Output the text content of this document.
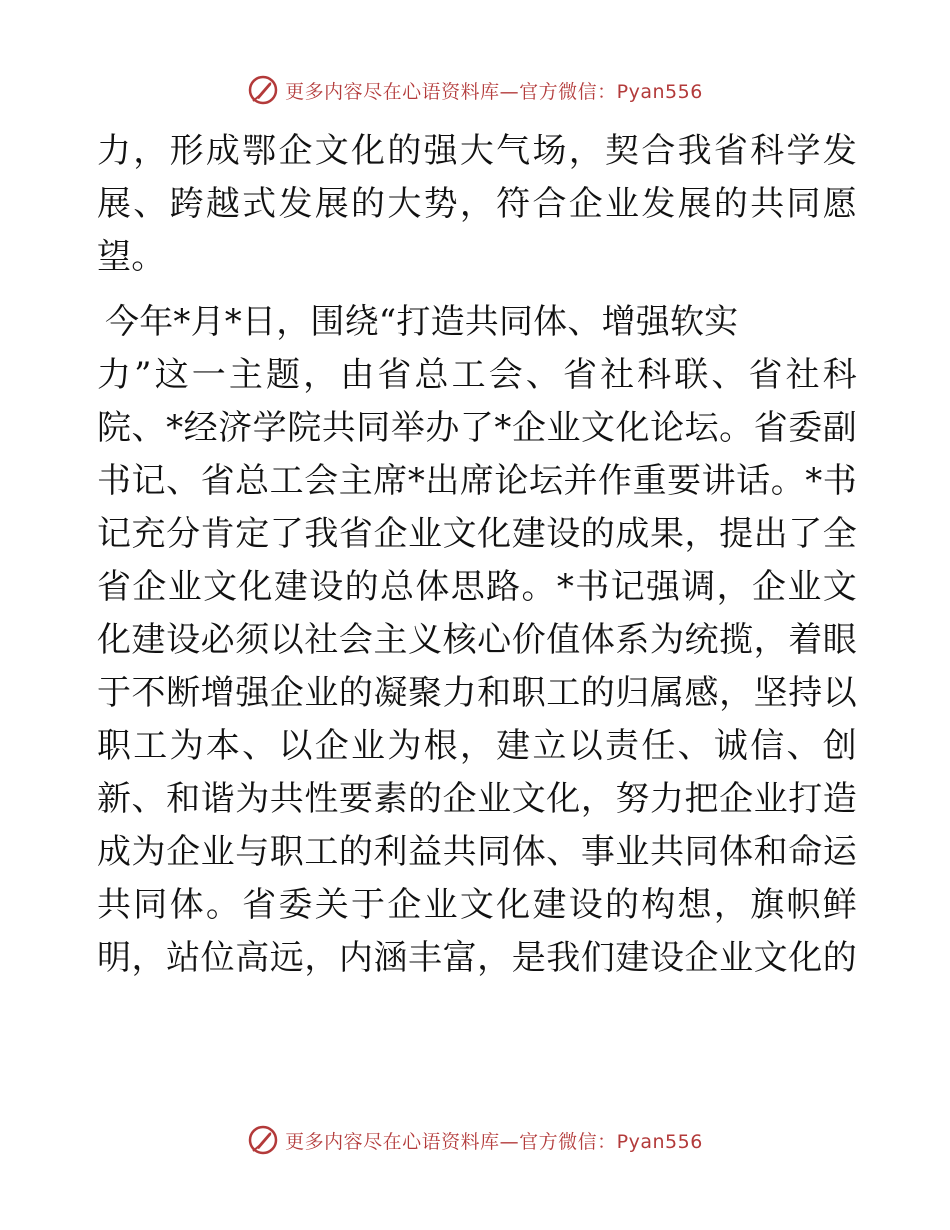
更多内容尽在心语资料库—官方微信：Pyan556
力，形成鄂企文化的强大气场，契合我省科学发
展、跨越式发展的大势，符合企业发展的共同愿
望。
今年*月*日，围绕“打造共同体、增强软实
力”这一主题，由省总工会、省社科联、省社科
院、*经济学院共同举办了*企业文化论坛。省委副
书记、省总工会主席*出席论坛并作重要讲话。*书
记充分肯定了我省企业文化建设的成果，提出了全
省企业文化建设的总体思路。*书记强调，企业文
化建设必须以社会主义核心价值体系为统揽，着眼
于不断增强企业的凝聚力和职工的归属感，坚持以
职工为本、以企业为根，建立以责任、诚信、创
新、和谐为共性要素的企业文化，努力把企业打造
成为企业与职工的利益共同体、事业共同体和命运
共同体。省委关于企业文化建设的构想，旗帜鲜
明，站位高远，内涵丰富，是我们建设企业文化的
更多内容尽在心语资料库—官方微信：Pyan556
